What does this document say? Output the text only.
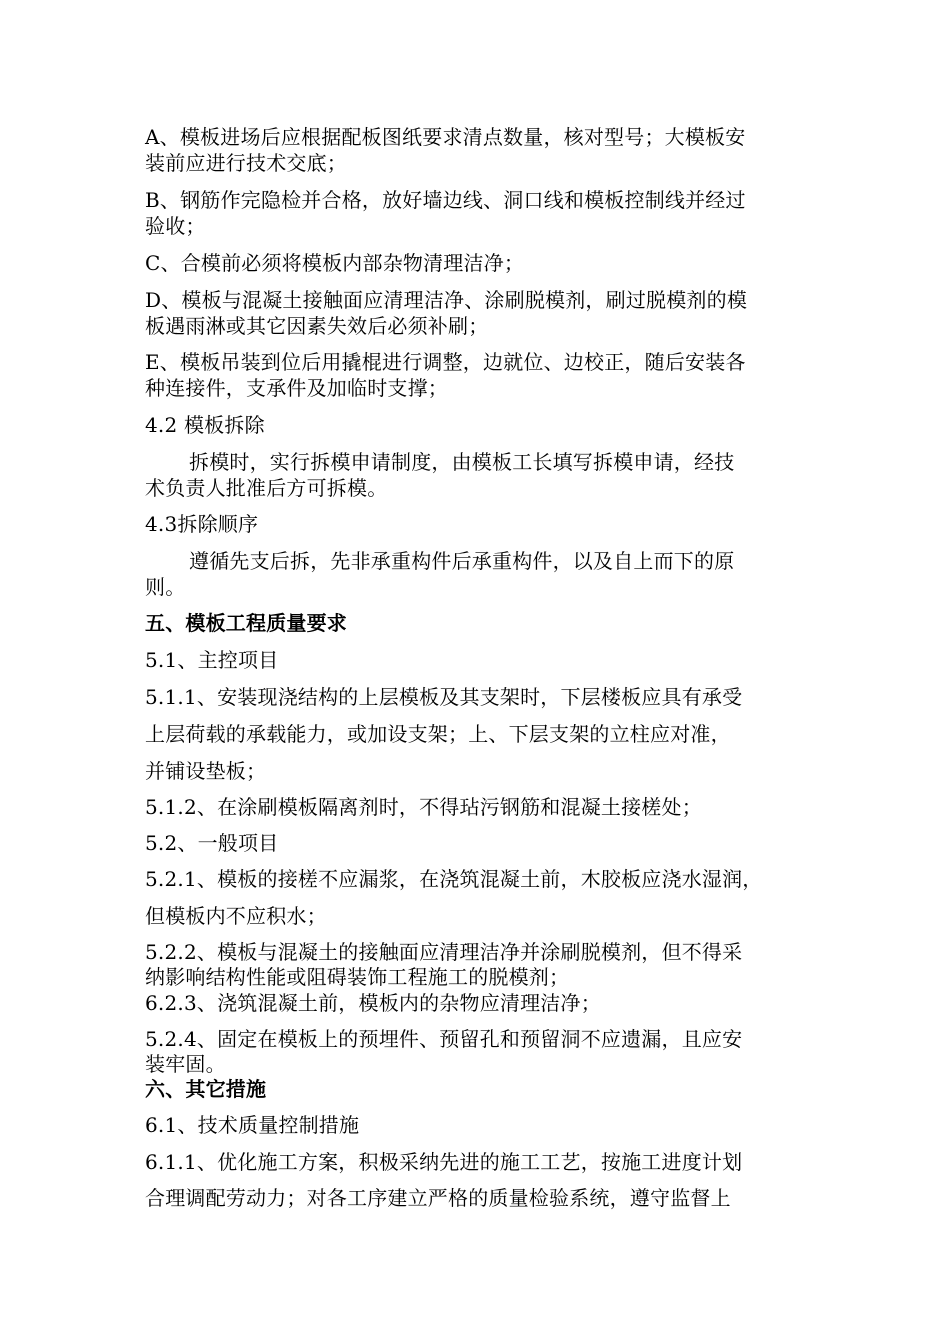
A、模板进场后应根据配板图纸要求清点数量，核对型号；大模板安
装前应进行技术交底；
B、钢筋作完隐检并合格，放好墙边线、洞口线和模板控制线并经过
验收；
C、合模前必须将模板内部杂物清理洁净；
D、模板与混凝土接触面应清理洁净、涂刷脱模剂，刷过脱模剂的模
板遇雨淋或其它因素失效后必须补刷；
E、模板吊装到位后用撬棍进行调整，边就位、边校正，随后安装各
种连接件，支承件及加临时支撑；
4.2 模板拆除
拆模时，实行拆模申请制度，由模板工长填写拆模申请，经技
术负责人批准后方可拆模。
4.3拆除顺序
遵循先支后拆，先非承重构件后承重构件，以及自上而下的原
则。
五、模板工程质量要求
5.1、主控项目
5.1.1、安装现浇结构的上层模板及其支架时，下层楼板应具有承受
上层荷载的承载能力，或加设支架；上、下层支架的立柱应对准，
并铺设垫板；
5.1.2、在涂刷模板隔离剂时，不得玷污钢筋和混凝土接槎处；
5.2、一般项目
5.2.1、模板的接槎不应漏浆，在浇筑混凝土前，木胶板应浇水湿润，
但模板内不应积水；
5.2.2、模板与混凝土的接触面应清理洁净并涂刷脱模剂，但不得采
纳影响结构性能或阻碍装饰工程施工的脱模剂；
6.2.3、浇筑混凝土前，模板内的杂物应清理洁净；
5.2.4、固定在模板上的预埋件、预留孔和预留洞不应遗漏，且应安
装牢固。
六、其它措施
6.1、技术质量控制措施
6.1.1、优化施工方案，积极采纳先进的施工工艺，按施工进度计划
合理调配劳动力；对各工序建立严格的质量检验系统，遵守监督上
